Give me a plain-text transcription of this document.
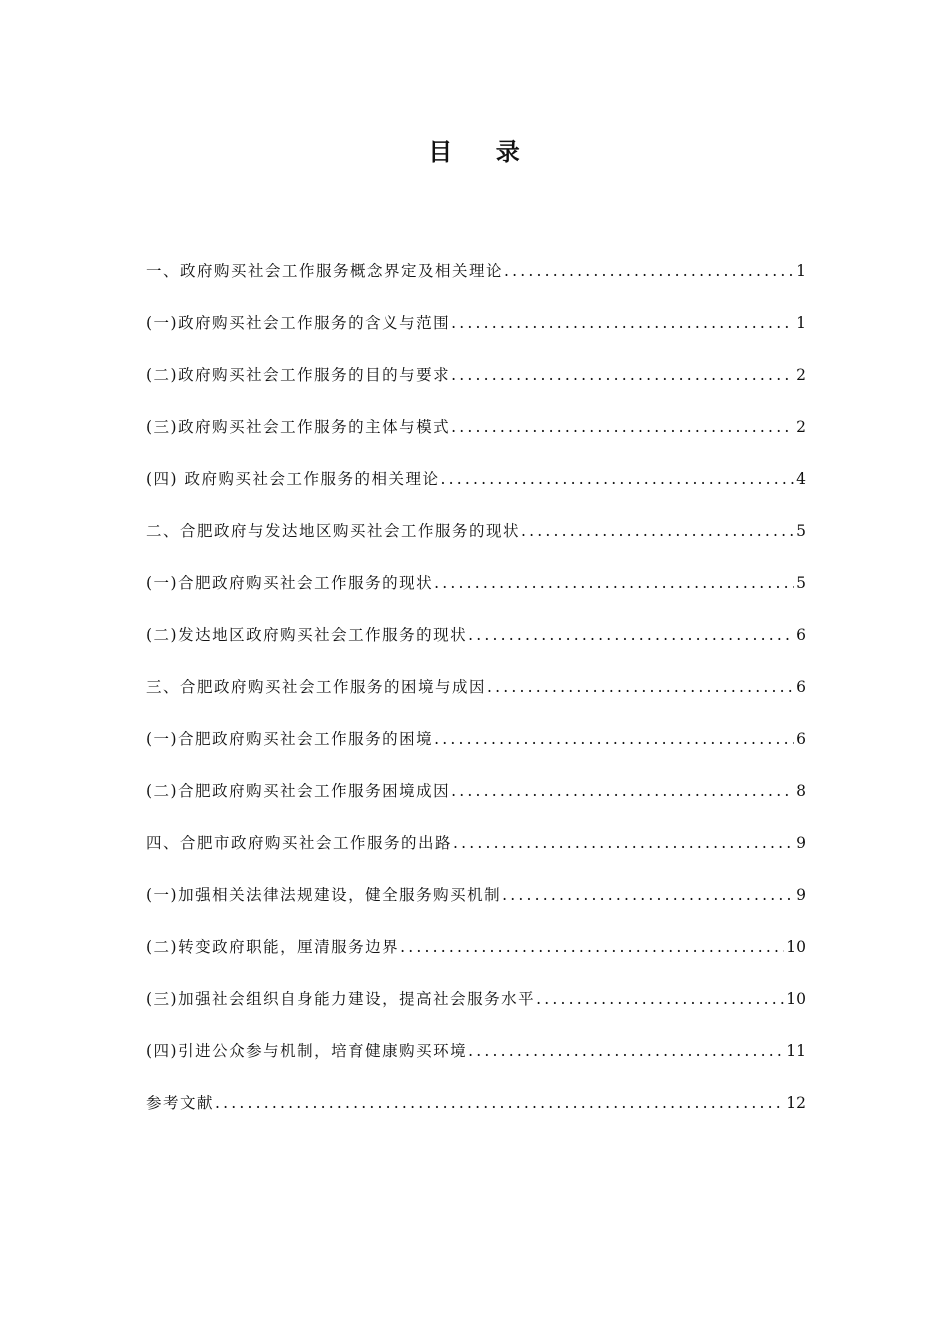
目    录
一、政府购买社会工作服务概念界定及相关理论 .....	1
(一)政府购买社会工作服务的含义与范围 .....	1
(二)政府购买社会工作服务的目的与要求 .....	2
(三)政府购买社会工作服务的主体与模式 .....	2
(四) 政府购买社会工作服务的相关理论 .....	4
二、合肥政府与发达地区购买社会工作服务的现状 .....	5
(一)合肥政府购买社会工作服务的现状 .....	5
(二)发达地区政府购买社会工作服务的现状 .....	6
三、合肥政府购买社会工作服务的困境与成因 .....	6
(一)合肥政府购买社会工作服务的困境 .....	6
(二)合肥政府购买社会工作服务困境成因 .....	8
四、合肥市政府购买社会工作服务的出路 .....	9
(一)加强相关法律法规建设，健全服务购买机制 .....	9
(二)转变政府职能，厘清服务边界 .....	10
(三)加强社会组织自身能力建设，提高社会服务水平 .....	10
(四)引进公众参与机制，培育健康购买环境 .....	11
参考文献 .....	12
